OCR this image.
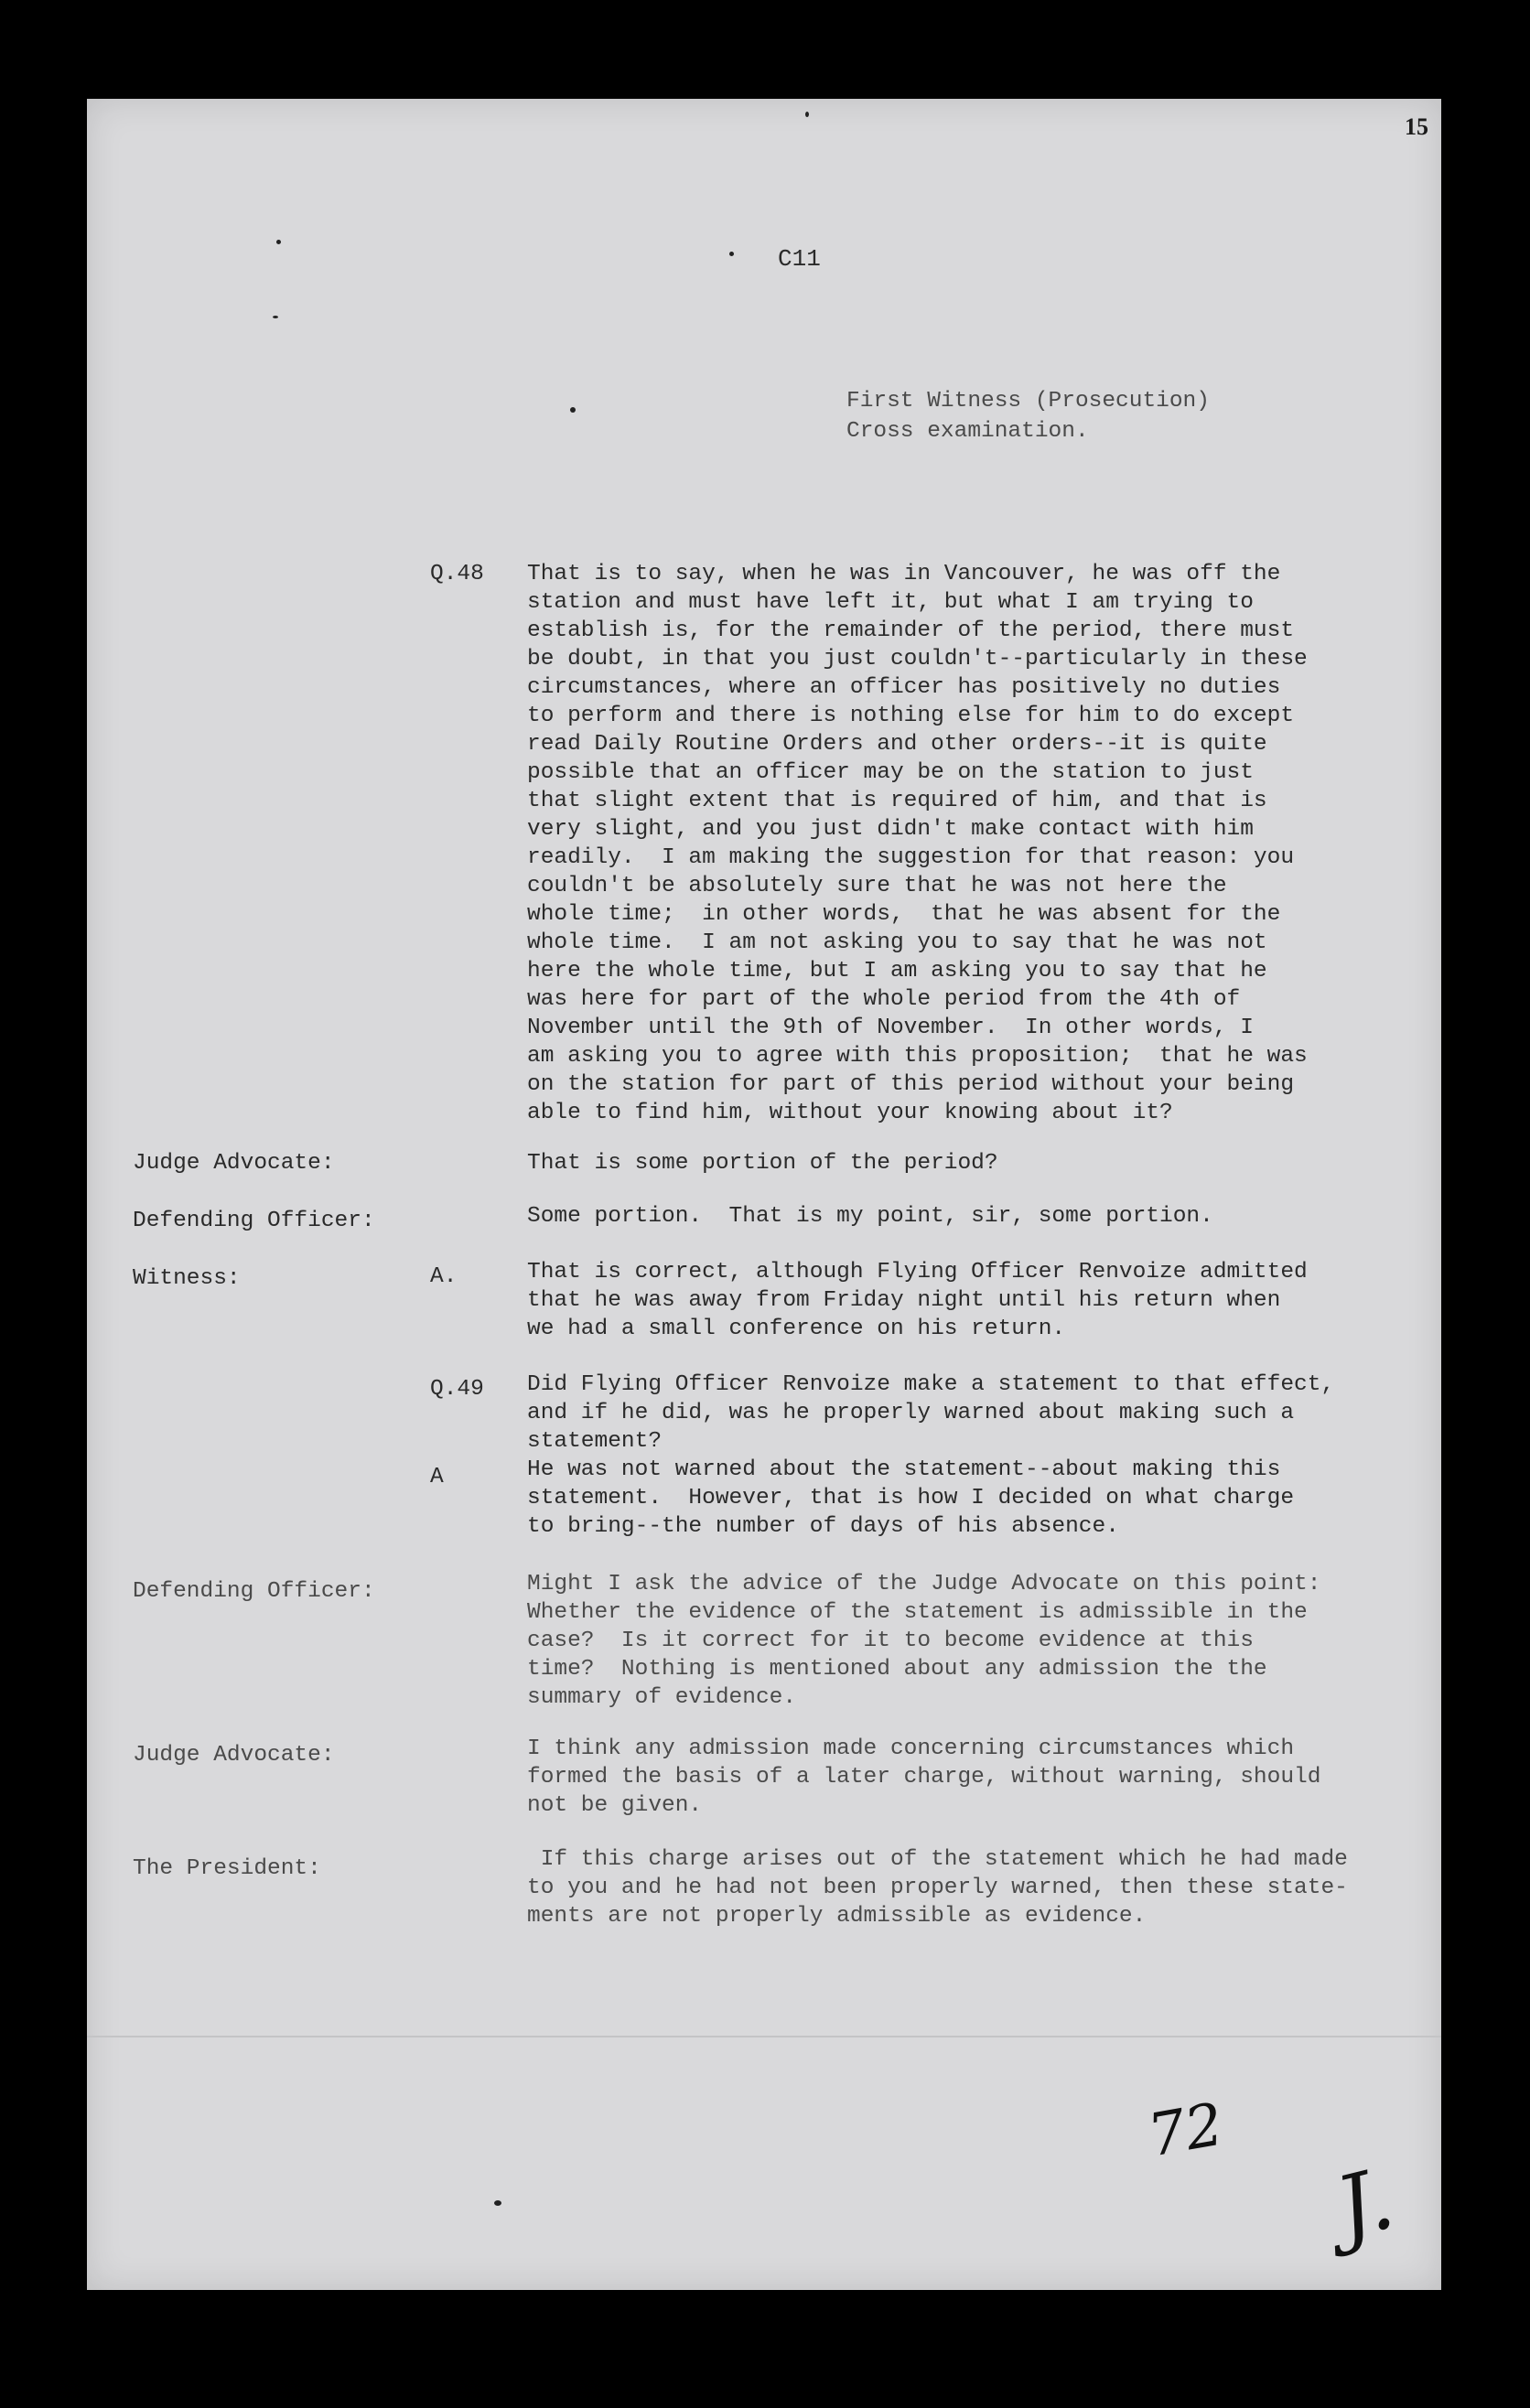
15
C11
First Witness (Prosecution)
Cross examination.
Q.48 That is to say, when he was in Vancouver, he was off the
station and must have left it, but what I am trying to
establish is, for the remainder of the period, there must
be doubt, in that you just couldn't--particularly in these
circumstances, where an officer has positively no duties
to perform and there is nothing else for him to do except
read Daily Routine Orders and other orders--it is quite
possible that an officer may be on the station to just
that slight extent that is required of him, and that is
very slight, and you just didn't make contact with him
readily.  I am making the suggestion for that reason: you
couldn't be absolutely sure that he was not here the
whole time;  in other words,  that he was absent for the
whole time.  I am not asking you to say that he was not
here the whole time, but I am asking you to say that he
was here for part of the whole period from the 4th of
November until the 9th of November.  In other words, I
am asking you to agree with this proposition;  that he was
on the station for part of this period without your being
able to find him, without your knowing about it?
Judge Advocate:	That is some portion of the period?
Defending Officer:	Some portion.  That is my point, sir, some portion.
Witness:	A.	That is correct, although Flying Officer Renvoize admitted
that he was away from Friday night until his return when
we had a small conference on his return.
Q.49 Did Flying Officer Renvoize make a statement to that effect,
and if he did, was he properly warned about making such a
statement?
A	He was not warned about the statement--about making this
statement.  However, that is how I decided on what charge
to bring--the number of days of his absence.
Defending Officer:	Might I ask the advice of the Judge Advocate on this point:
Whether the evidence of the statement is admissible in the
case?  Is it correct for it to become evidence at this
time?  Nothing is mentioned about any admission the the
summary of evidence.
Judge Advocate:	I think any admission made concerning circumstances which
formed the basis of a later charge, without warning, should
not be given.
The President:	If this charge arises out of the statement which he had made
to you and he had not been properly warned, then these state-
ments are not properly admissible as evidence.
72
J.
